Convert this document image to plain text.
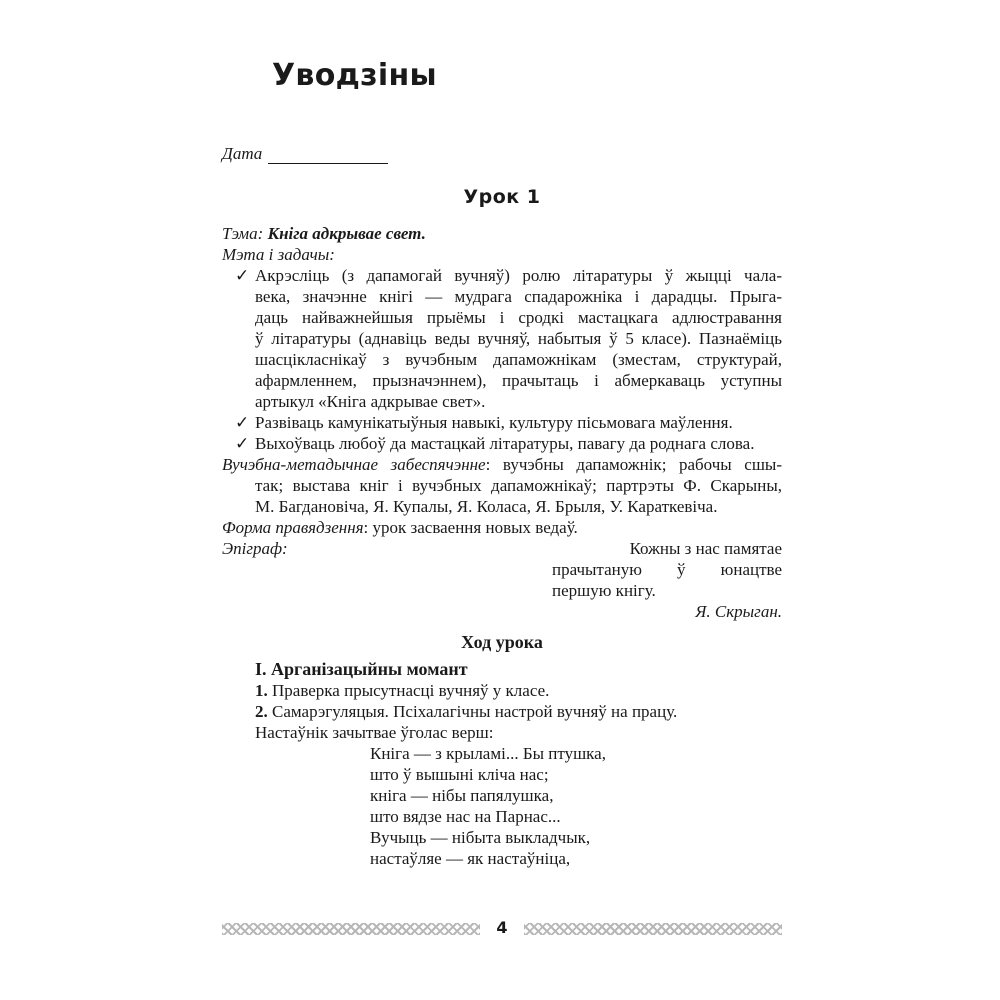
Уводзіны
Дата
Урок 1
Тэма: Кніга адкрывае свет.
Мэта і задачы:
✓ Акрэсліць (з дапамогай вучняў) ролю літаратуры ў жыцці чала-
века, значэнне кнігі — мудрага спадарожніка і дарадцы. Прыга-
даць найважнейшыя прыёмы і сродкі мастацкага адлюстравання
ў літаратуры (аднавіць веды вучняў, набытыя ў 5 класе). Пазнаёміць
шасцікласнікаў з вучэбным дапаможнікам (зместам, структурай,
афармленнем, прызначэннем), прачытаць і абмеркаваць уступны
артыкул «Кніга адкрывае свет».
✓ Развіваць камунікатыўныя навыкі, культуру пісьмовага маўлення.
✓ Выхоўваць любоў да мастацкай літаратуры, павагу да роднага слова.
Вучэбна-метадычнае забеспячэнне: вучэбны дапаможнік; рабочы сшы-
так; выстава кніг і вучэбных дапаможнікаў; партрэты Ф. Скарыны,
М. Багдановіча, Я. Купалы, Я. Коласа, Я. Брыля, У. Караткевіча.
Форма правядзення: урок засваення новых ведаў.
Эпіграф:	Кожны з нас памятае
прачытаную ў юнацтве
першую кнігу.
Я. Скрыган.
Ход урока
I. Арганізацыйны момант
1. Праверка прысутнасці вучняў у класе.
2. Самарэгуляцыя. Псіхалагічны настрой вучняў на працу.
Настаўнік зачытвае ўголас верш:
Кніга — з крыламі... Бы птушка,
што ў вышыні кліча нас;
кніга — нібы папялушка,
што вядзе нас на Парнас...
Вучыць — нібыта выкладчык,
настаўляе — як настаўніца,
4
